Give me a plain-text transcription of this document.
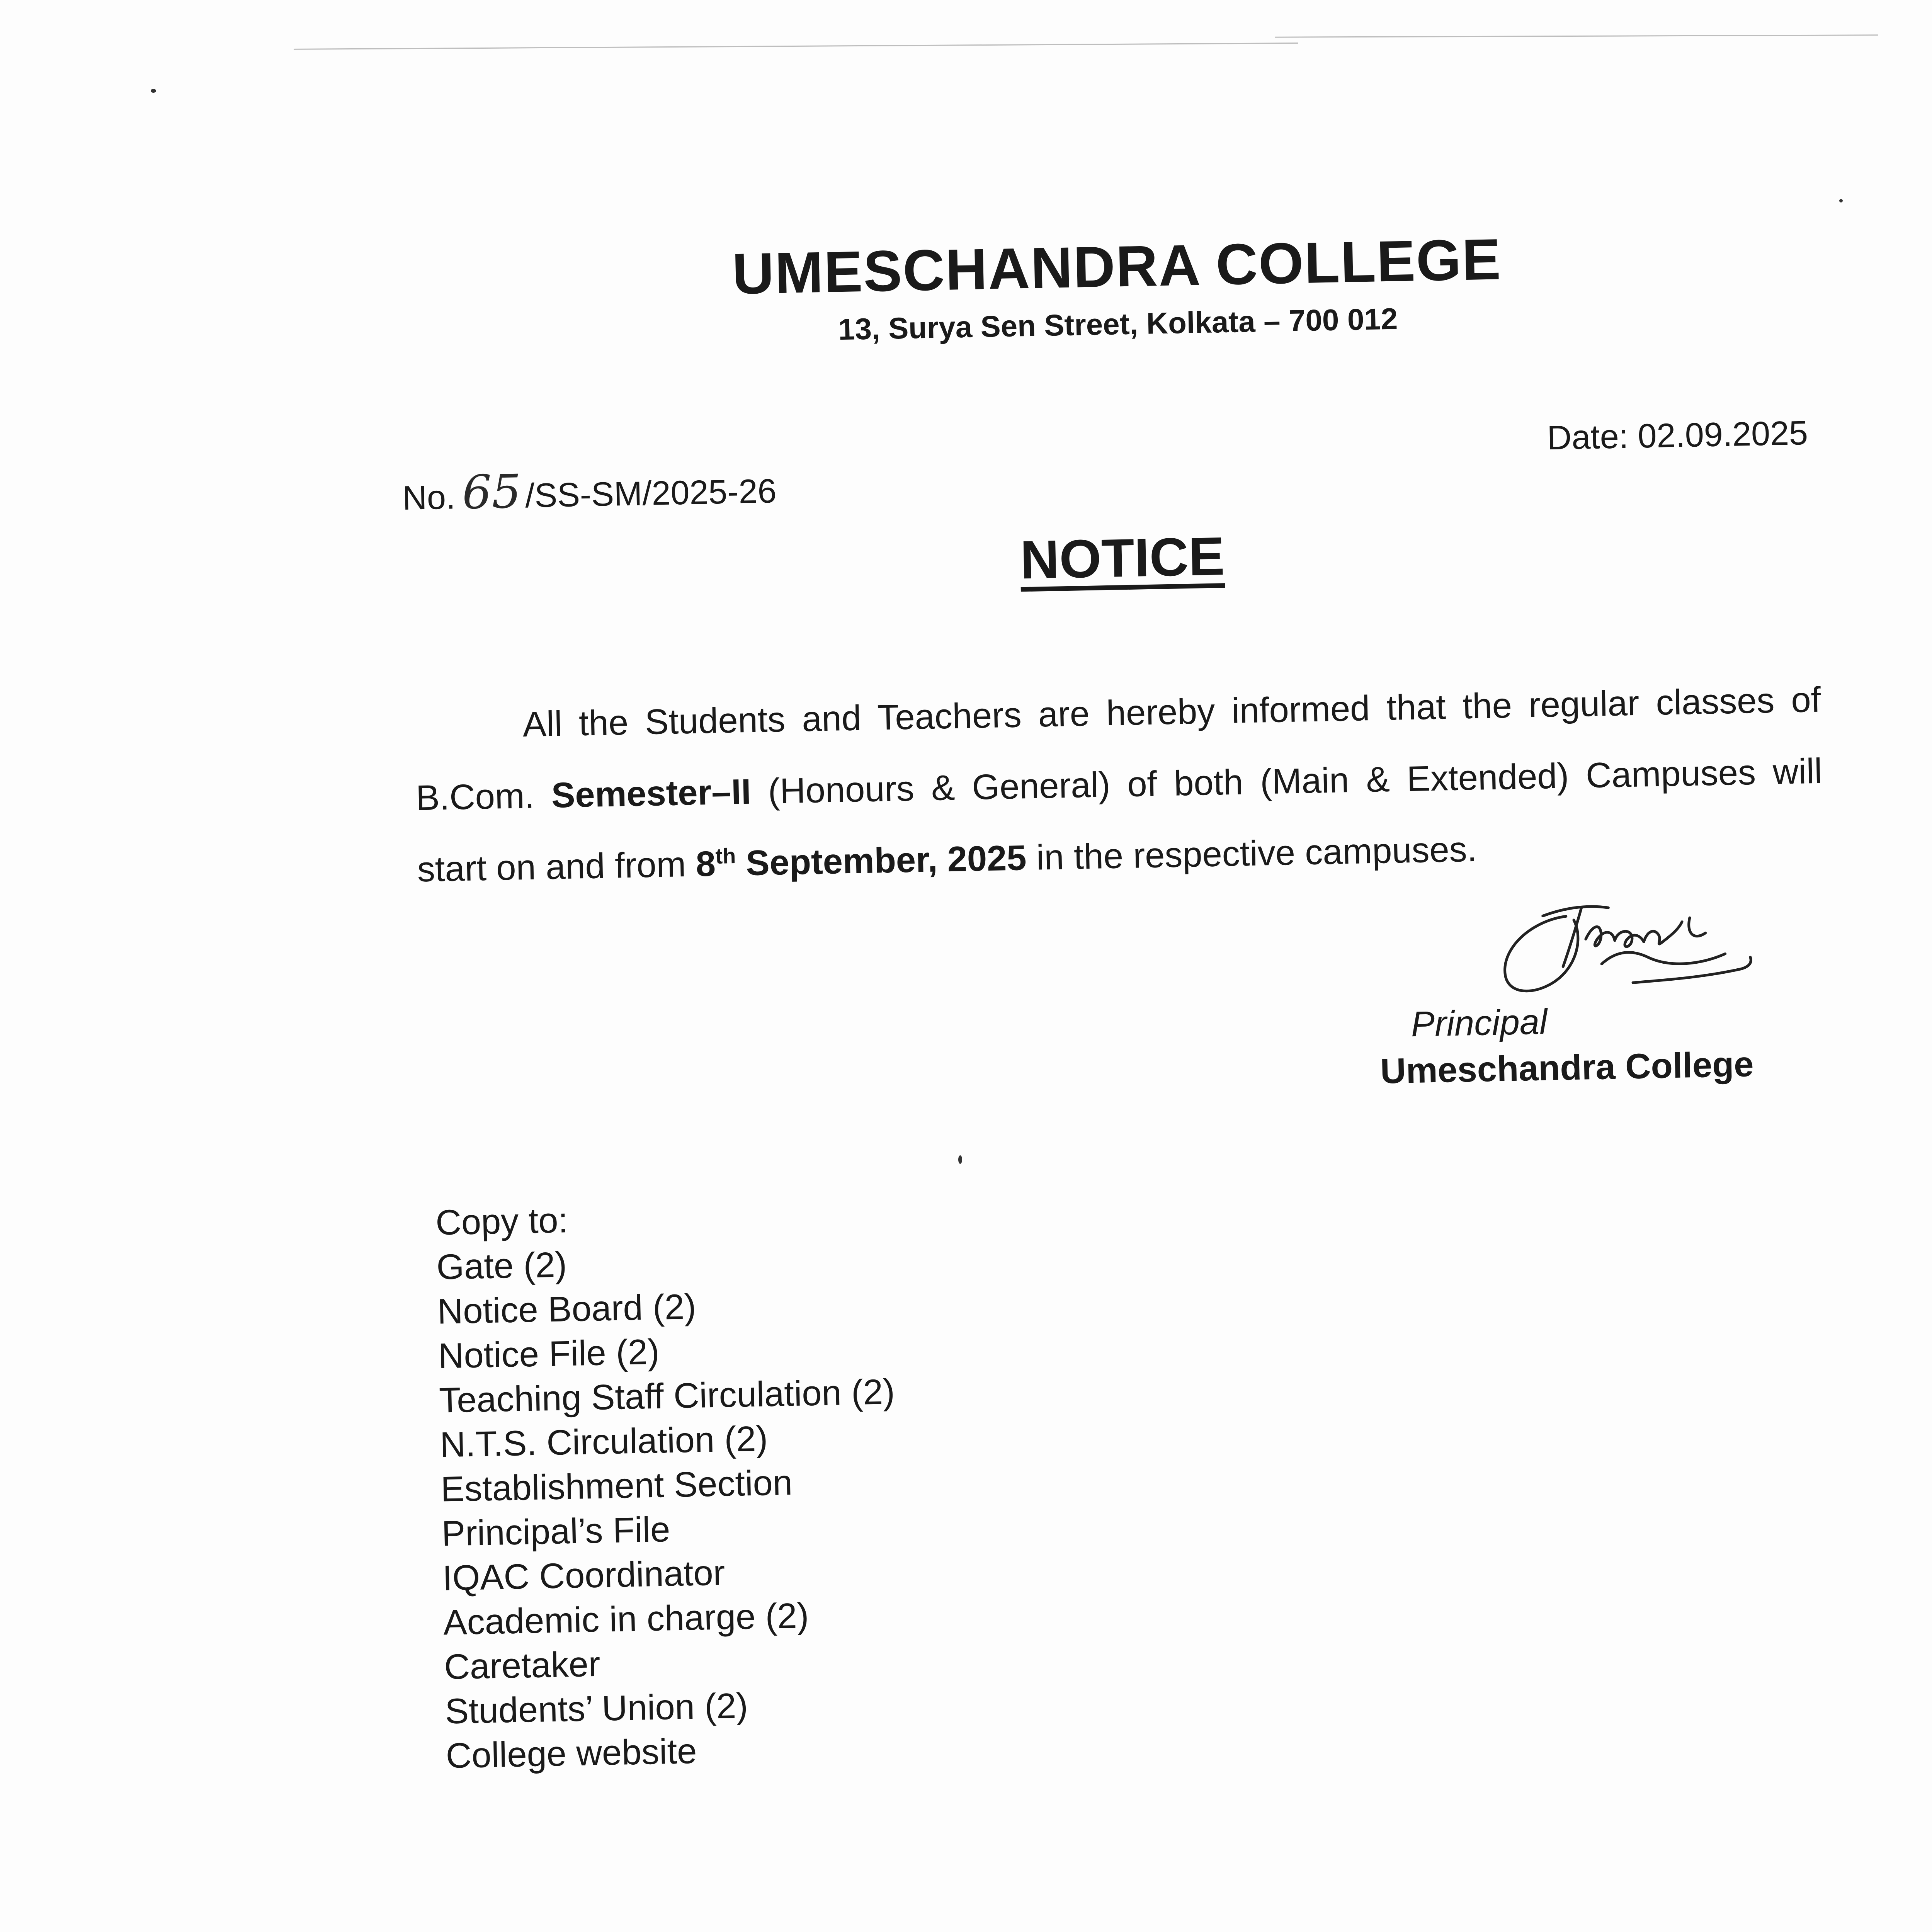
UMESCHANDRA COLLEGE
13, Surya Sen Street, Kolkata – 700 012
Date: 02.09.2025
No. 65/SS-SM/2025-26
NOTICE

All the Students and Teachers are hereby informed that the regular classes of B.Com. Semester–II (Honours & General) of both (Main & Extended) Campuses will start on and from 8th September, 2025 in the respective campuses.

Principal
Umeschandra College
Copy to:
Gate (2)
Notice Board (2)
Notice File (2)
Teaching Staff Circulation (2)
N.T.S. Circulation (2)
Establishment Section
Principal’s File
IQAC Coordinator
Academic in charge (2)
Caretaker
Students’ Union (2)
College website
